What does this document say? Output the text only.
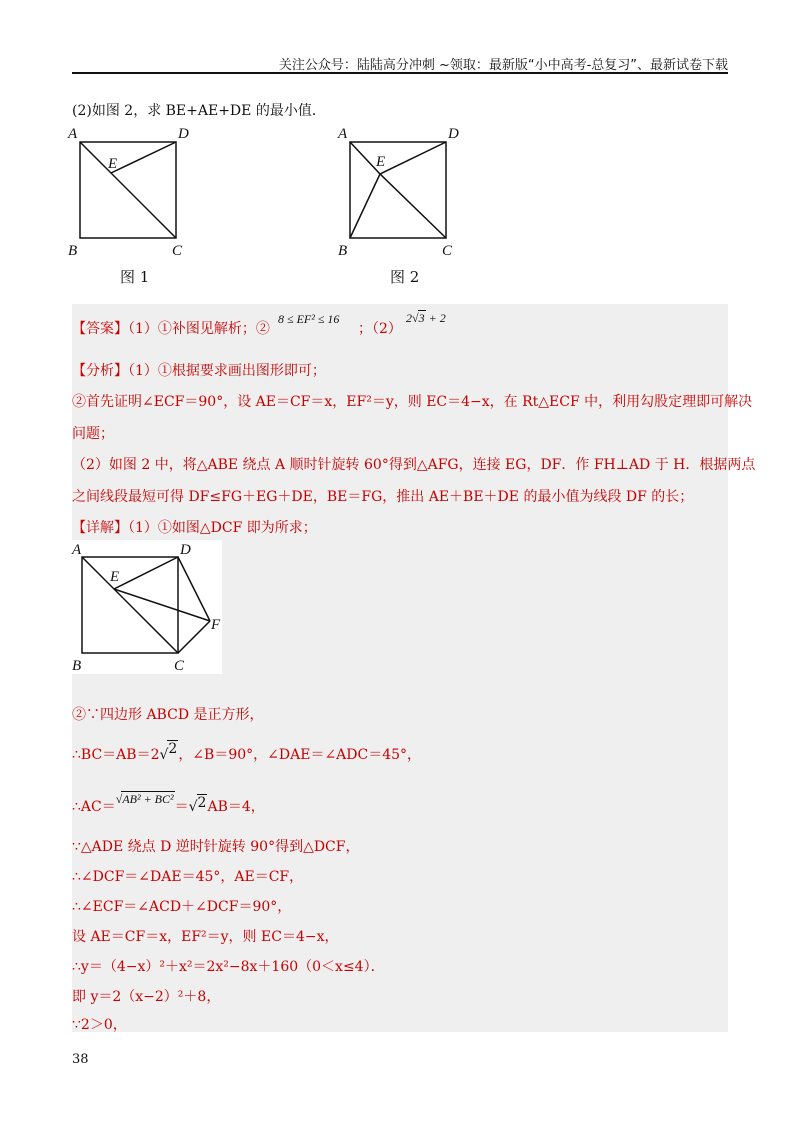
关注公众号：陆陆高分冲刺 ~领取：最新版“小中高考-总复习”、最新试卷下载
(2)如图 2，求 BE+AE+DE 的最小值．
A	D
E
B	C
图 1
A	D
E
B	C
图 2
【答案】（1）①补图见解析；②
8 ≤ EF² ≤ 16
；（2）
2√3 + 2
【分析】（1）①根据要求画出图形即可；
②首先证明∠ECF＝90°，设 AE＝CF＝x，EF²＝y，则 EC＝4−x，在 Rt△ECF 中，利用勾股定理即可解决
问题；
（2）如图 2 中，将△ABE 绕点 A 顺时针旋转 60°得到△AFG，连接 EG，DF．作 FH⊥AD 于 H．根据两点
之间线段最短可得 DF≤FG＋EG＋DE，BE＝FG，推出 AE＋BE＋DE 的最小值为线段 DF 的长；
【详解】（1）①如图△DCF 即为所求；
A	D
E
F
B	C
②∵四边形 ABCD 是正方形，
∴BC＝AB＝2√2，∠B＝90°，∠DAE＝∠ADC＝45°，
∴AC＝√AB² + BC²＝√2AB＝4，
∵△ADE 绕点 D 逆时针旋转 90°得到△DCF，
∴∠DCF＝∠DAE＝45°，AE＝CF，
∴∠ECF＝∠ACD＋∠DCF＝90°，
设 AE＝CF＝x，EF²＝y，则 EC＝4−x，
∴y＝（4−x）²＋x²＝2x²−8x＋160（0＜x≤4）．
即 y＝2（x−2）²＋8，
∵2＞0，
38
